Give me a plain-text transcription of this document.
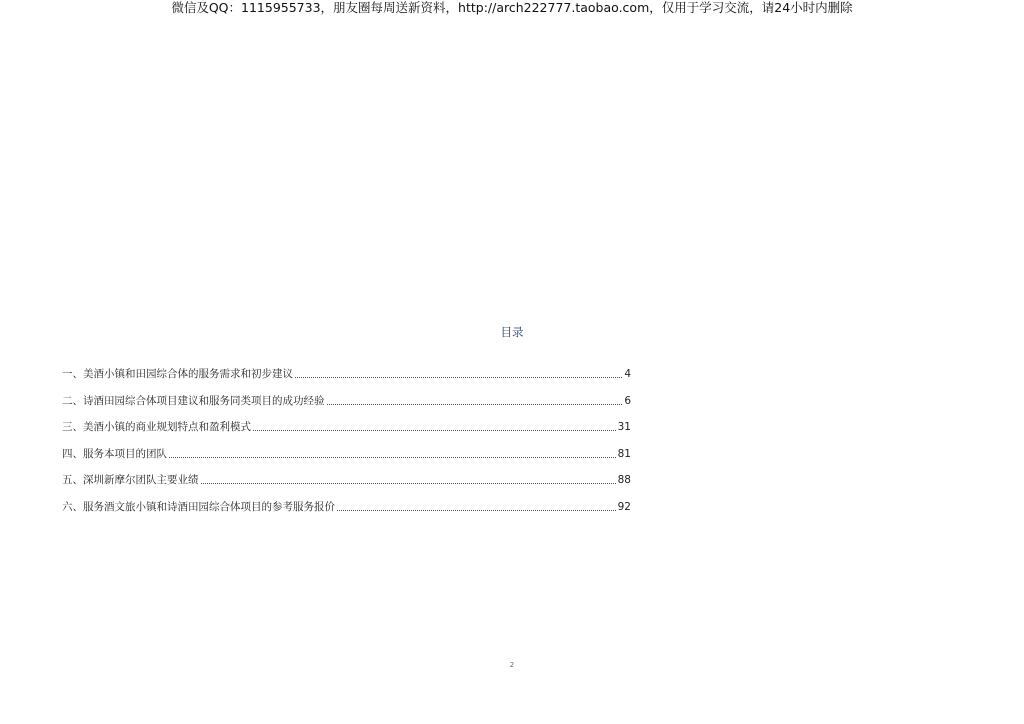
微信及QQ：1115955733，朋友圈每周送新资料，http://arch222777.taobao.com，仅用于学习交流，请24小时内删除
目录
一、美酒小镇和田园综合体的服务需求和初步建议	4
二、诗酒田园综合体项目建议和服务同类项目的成功经验	6
三、美酒小镇的商业规划特点和盈利模式	31
四、服务本项目的团队	81
五、深圳新摩尔团队主要业绩	88
六、服务酒文旅小镇和诗酒田园综合体项目的参考服务报价	92
2
